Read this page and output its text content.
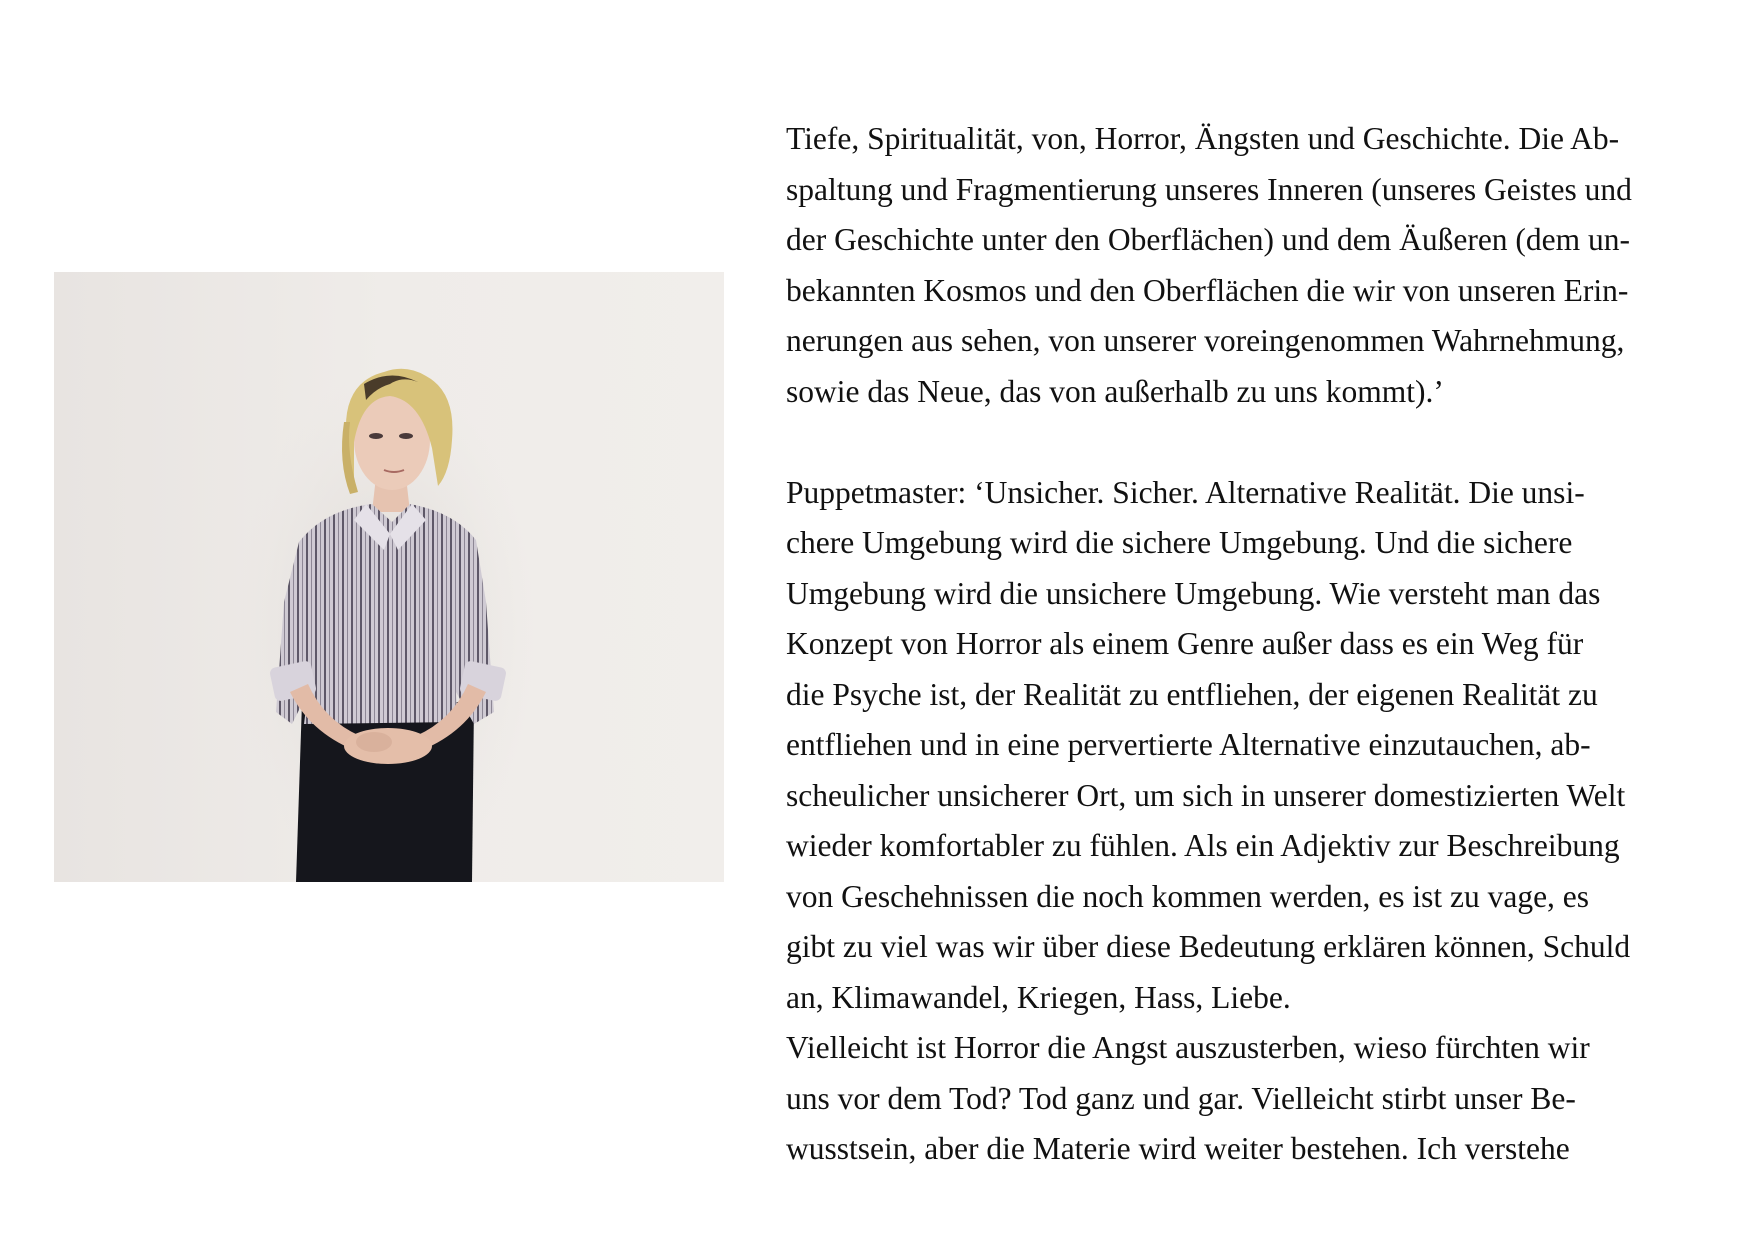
Tiefe, Spiritualität, von, Horror, Ängsten und Geschichte. Die Ab-
spaltung und Fragmentierung unseres Inneren (unseres Geistes und
der Geschichte unter den Oberflächen) und dem Äußeren (dem un-
bekannten Kosmos und den Oberflächen die wir von unseren Erin-
nerungen aus sehen, von unserer voreingenommen Wahrnehmung,
sowie das Neue, das von außerhalb zu uns kommt).’

Puppetmaster: ‘Unsicher. Sicher. Alternative Realität. Die unsi-
chere Umgebung wird die sichere Umgebung. Und die sichere
Umgebung wird die unsichere Umgebung. Wie versteht man das
Konzept von Horror als einem Genre außer dass es ein Weg für
die Psyche ist, der Realität zu entfliehen, der eigenen Realität zu
entfliehen und in eine pervertierte Alternative einzutauchen, ab-
scheulicher unsicherer Ort, um sich in unserer domestizierten Welt
wieder komfortabler zu fühlen. Als ein Adjektiv zur Beschreibung
von Geschehnissen die noch kommen werden, es ist zu vage, es
gibt zu viel was wir über diese Bedeutung erklären können, Schuld
an, Klimawandel, Kriegen, Hass, Liebe.

Vielleicht ist Horror die Angst auszusterben, wieso fürchten wir
uns vor dem Tod? Tod ganz und gar. Vielleicht stirbt unser Be-
wusstsein, aber die Materie wird weiter bestehen. Ich verstehe
